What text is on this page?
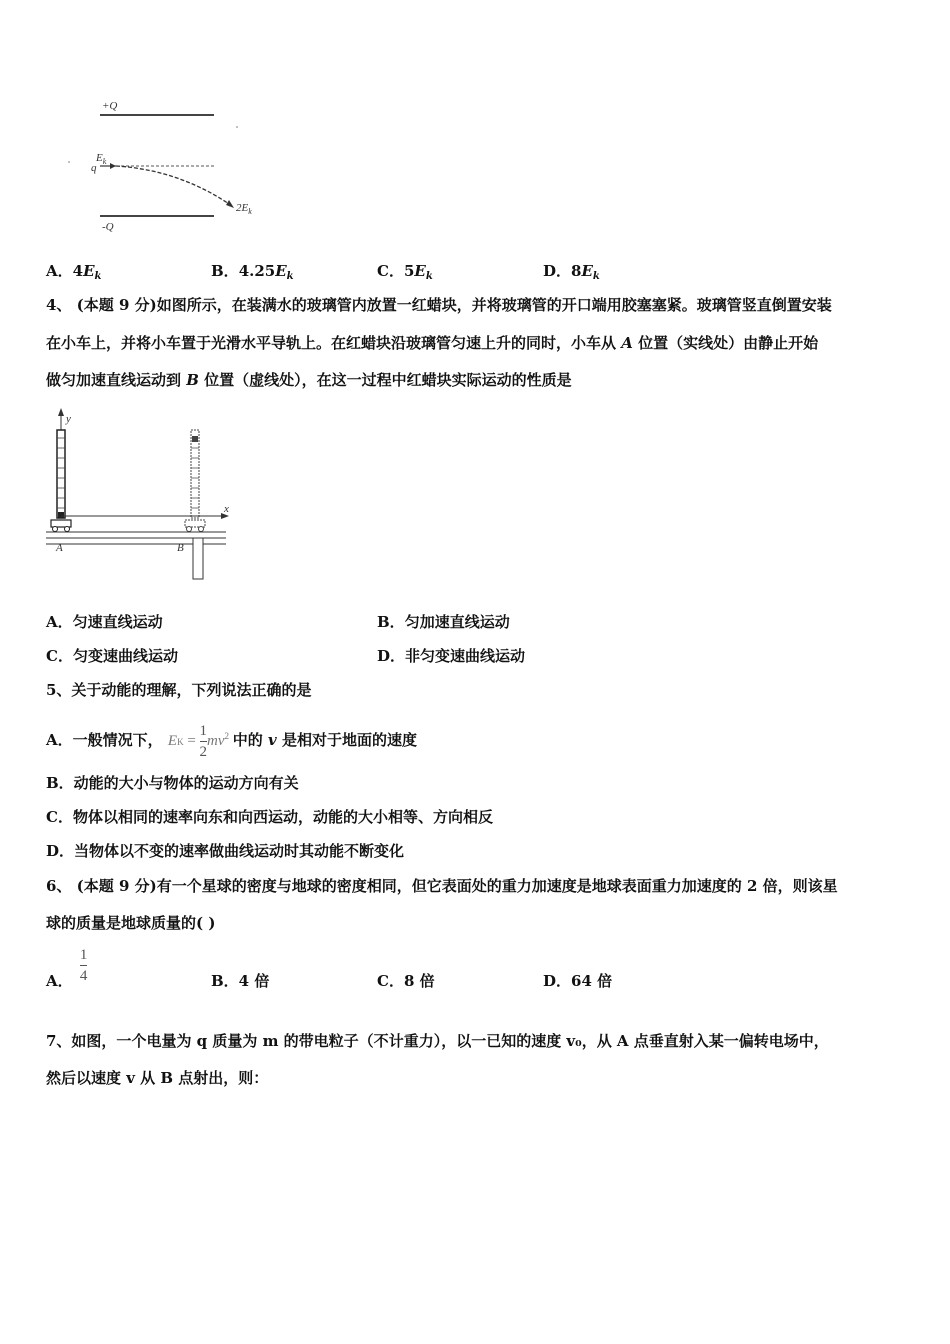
+Q
-Q
$E_k$
q
$2E_k$
A．$4E_k$	B．$4.25E_k$	C．$5E_k$	D．$8E_k$
4、 (本题 9 分)如图所示，在装满水的玻璃管内放置一红蜡块，并将玻璃管的开口端用胶塞塞紧。玻璃管竖直倒置安装
在小车上，并将小车置于光滑水平导轨上。在红蜡块沿玻璃管匀速上升的同时，小车从 A 位置（实线处）由静止开始
做匀加速直线运动到 B 位置（虚线处），在这一过程中红蜡块实际运动的性质是
y
x
A	B
A．匀速直线运动	B．匀加速直线运动
C．匀变速曲线运动	D．非匀变速曲线运动
5、关于动能的理解，下列说法正确的是
A．一般情况下， EK = $\frac{1}{2} mv^2$ 中的 v 是相对于地面的速度
B．动能的大小与物体的运动方向有关
C．物体以相同的速率向东和向西运动，动能的大小相等、方向相反
D．当物体以不变的速率做曲线运动时其动能不断变化
6、 (本题 9 分)有一个星球的密度与地球的密度相同，但它表面处的重力加速度是地球表面重力加速度的 2 倍，则该星
球的质量是地球质量的( )
A． $\frac{1}{4}$	B．4 倍	C．8 倍	D．64 倍
7、如图，一个电量为 q 质量为 m 的带电粒子（不计重力），以一已知的速度 v₀，从 A 点垂直射入某一偏转电场中，
然后以速度 v 从 B 点射出，则：
